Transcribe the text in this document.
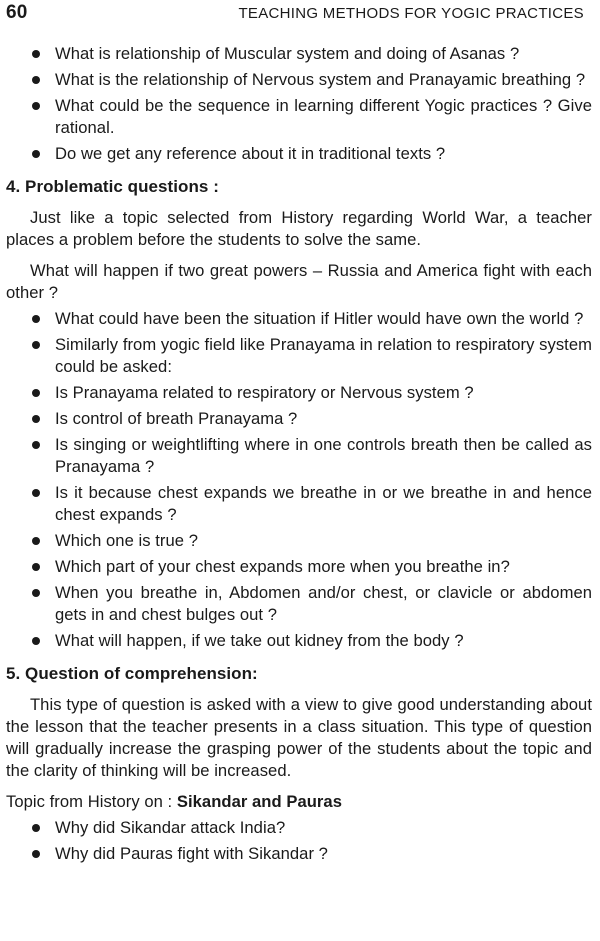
60	TEACHING METHODS FOR YOGIC PRACTICES
What is relationship of Muscular system and doing of Asanas ?
What is the relationship of Nervous system and Pranayamic breathing ?
What could be the sequence in learning different Yogic practices ? Give rational.
Do we get any reference about it in traditional texts ?
4. Problematic questions :

Just like a topic selected from History regarding World War, a teacher places a problem before the students to solve the same.

What will happen if two great powers – Russia and America fight with each other ?

What could have been the situation if Hitler would have own the world ?
Similarly from yogic field like Pranayama in relation to respiratory system could be asked:
Is Pranayama related to respiratory or Nervous system ?
Is control of breath Pranayama ?
Is singing or weightlifting where in one controls breath then be called as Pranayama ?
Is it because chest expands we breathe in or we breathe in and hence chest expands ?
Which one is true ?
Which part of your chest expands more when you breathe in?
When you breathe in, Abdomen and/or chest, or clavicle or abdomen gets in and chest bulges out ?
What will happen, if we take out kidney from the body ?
5. Question of comprehension:

This type of question is asked with a view to give good understanding about the lesson that the teacher presents in a class situation. This type of question will gradually increase the grasping power of the students about the topic and the clarity of thinking will be increased.

Topic from History on : Sikandar and Pauras

Why did Sikandar attack India?
Why did Pauras fight with Sikandar ?
